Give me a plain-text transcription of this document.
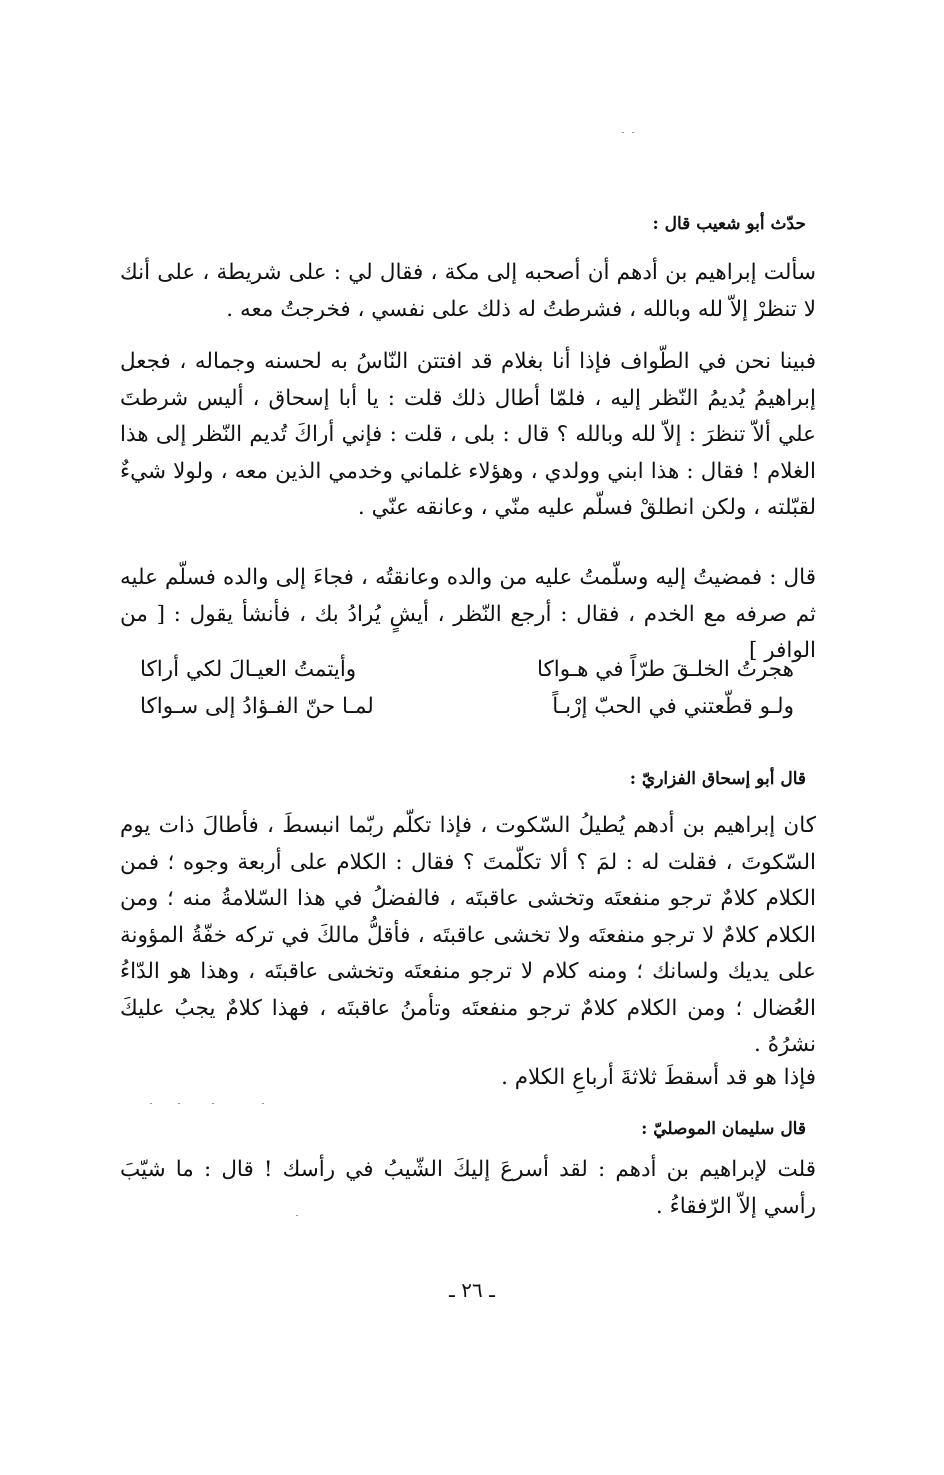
حدّث أبو شعيب قال :
سألت إبراهيم بن أدهم أن أصحبه إلى مكة ، فقال لي : على شريطة ، على أنك لا تنظرْ إلاّ لله وبالله ، فشرطتُ له ذلك على نفسي ، فخرجتُ معه .
فبينا نحن في الطّواف فإذا أنا بغلام قد افتتن النّاسُ به لحسنه وجماله ، فجعل إبراهيمُ يُديمُ النّظر إليه ، فلمّا أطال ذلك قلت : يا أبا إسحاق ، أليس شرطتَ علي ألاّ تنظرَ : إلاّ لله وبالله ؟ قال : بلى ، قلت : فإني أراكَ تُديم النّظر إلى هذا الغلام ! فقال : هذا ابني وولدي ، وهؤلاء غلماني وخدمي الذين معه ، ولولا شيءٌ لقبّلته ، ولكن انطلقْ فسلّم عليه منّي ، وعانقه عنّي .
قال : فمضيتُ إليه وسلّمتُ عليه من والده وعانقتُه ، فجاءَ إلى والده فسلّم عليه ثم صرفه مع الخدم ، فقال : أرجع النّظر ، أيشٍ يُرادُ بك ، فأنشأ يقول : [ من الوافر ]
هجرتُ الخلـقَ طرّاً في هـواكا
وأيتمتُ العيـالَ لكي أراكا
ولـو قطّعتني في الحبّ إرْبـاً
لمـا حنّ الفـؤادُ إلى سـواكا
قال أبو إسحاق الفزاريّ :
كان إبراهيم بن أدهم يُطيلُ السّكوت ، فإذا تكلّم ربّما انبسطَ ، فأطالَ ذات يوم السّكوتَ ، فقلت له : لمَ ؟ ألا تكلّمتَ ؟ فقال : الكلام على أربعة وجوه ؛ فمن الكلام كلامٌ ترجو منفعتَه وتخشى عاقبتَه ، فالفضلُ في هذا السّلامةُ منه ؛ ومن الكلام كلامٌ لا ترجو منفعتَه ولا تخشى عاقبتَه ، فأقلُّ مالكَ في تركه خفّةُ المؤونة على يديك ولسانك ؛ ومنه كلام لا ترجو منفعتَه وتخشى عاقبتَه ، وهذا هو الدّاءُ العُضال ؛ ومن الكلام كلامٌ ترجو منفعتَه وتأمنُ عاقبتَه ، فهذا كلامٌ يجبُ عليكَ نشرُهُ .
فإذا هو قد أسقطَ ثلاثةَ أرباعِ الكلام .
قال سليمان الموصليّ :
قلت لإبراهيم بن أدهم : لقد أسرعَ إليكَ الشّيبُ في رأسك ! قال : ما شيّبَ رأسي إلاّ الرّفقاءُ .
ـ ٢٦ ـ
